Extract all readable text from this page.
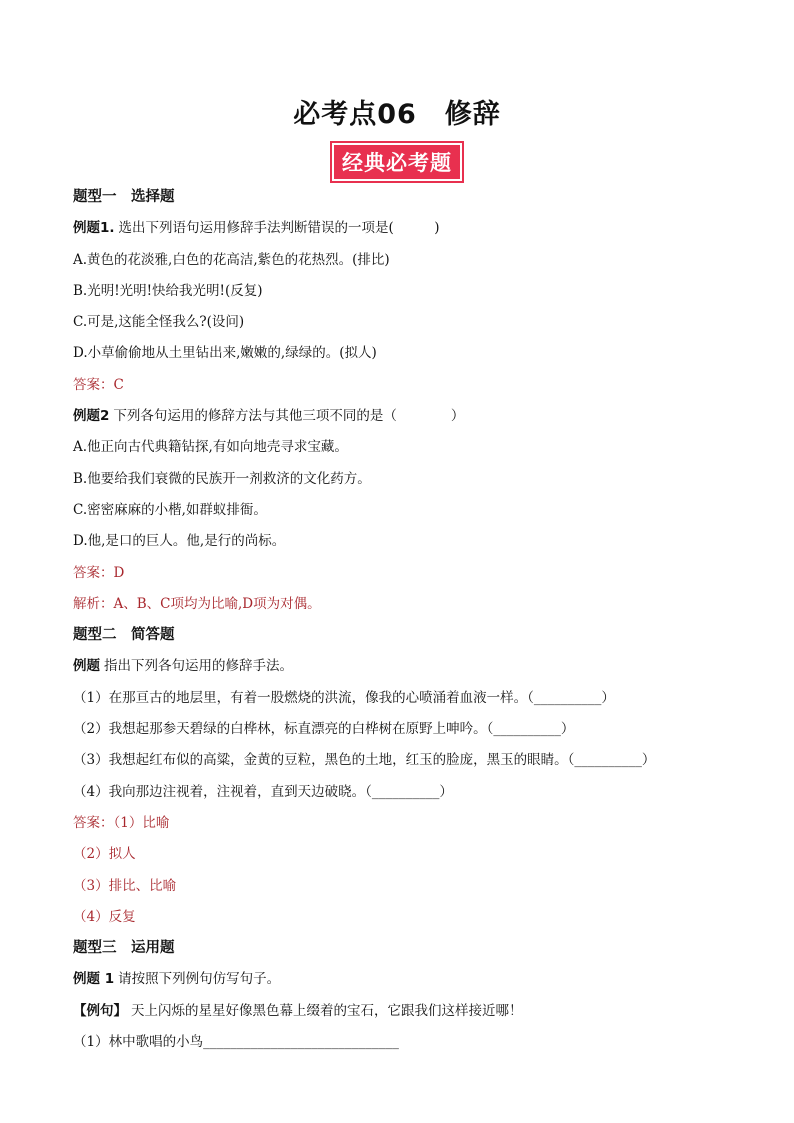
必考点06　修辞
经典必考题
题型一　选择题
例题1. 选出下列语句运用修辞手法判断错误的一项是(　　　)
A.黄色的花淡雅,白色的花高洁,紫色的花热烈。(排比)
B.光明!光明!快给我光明!(反复)
C.可是,这能全怪我么?(设问)
D.小草偷偷地从土里钻出来,嫩嫩的,绿绿的。(拟人)
答案：C
例题2 下列各句运用的修辞方法与其他三项不同的是（　　　　）
A.他正向古代典籍钻探,有如向地壳寻求宝藏。
B.他要给我们衰微的民族开一剂救济的文化药方。
C.密密麻麻的小楷,如群蚁排衙。
D.他,是口的巨人。他,是行的尚标。
答案：D
解析：A、B、C项均为比喻,D项为对偶。
题型二　简答题
例题 指出下列各句运用的修辞手法。
（1）在那亘古的地层里，有着一股燃烧的洪流，像我的心喷涌着血液一样。（__________）
（2）我想起那参天碧绿的白桦林，标直漂亮的白桦树在原野上呻吟。（__________）
（3）我想起红布似的高粱，金黄的豆粒，黑色的土地，红玉的脸庞，黑玉的眼睛。（__________）
（4）我向那边注视着，注视着，直到天边破晓。（__________）
答案：（1）比喻
（2）拟人
（3）排比、比喻
（4）反复
题型三　运用题
例题 1 请按照下列例句仿写句子。
【例句】 天上闪烁的星星好像黑色幕上缀着的宝石，它跟我们这样接近哪！
（1）林中歌唱的小鸟_____________________________
